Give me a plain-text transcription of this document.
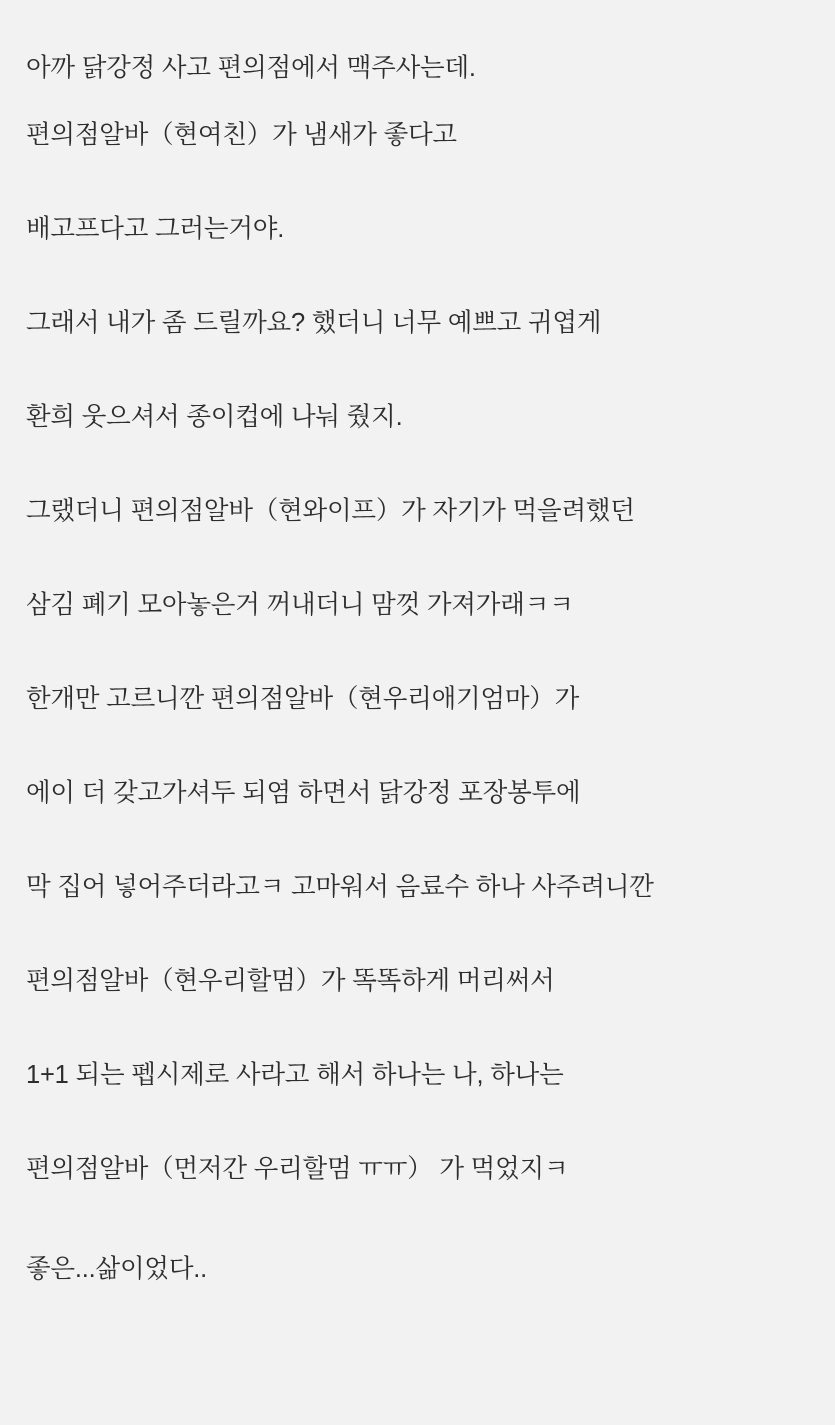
아까 닭강정 사고 편의점에서 맥주사는데.

편의점알바（현여친）가 냄새가 좋다고

배고프다고 그러는거야.

그래서 내가 좀 드릴까요? 했더니 너무 예쁘고 귀엽게

환희 웃으셔서 종이컵에 나눠 줬지.

그랬더니 편의점알바（현와이프）가 자기가 먹을려했던

삼김 폐기 모아놓은거 꺼내더니 맘껏 가져가래ㅋㅋ

한개만 고르니깐 편의점알바（현우리애기엄마）가

에이 더 갖고가셔두 되염 하면서 닭강정 포장봉투에

막 집어 넣어주더라고ㅋ 고마워서 음료수 하나 사주려니깐

편의점알바（현우리할멈）가 똑똑하게 머리써서

1+1 되는 펩시제로 사라고 해서 하나는 나, 하나는

편의점알바（먼저간 우리할멈 ㅠㅠ） 가 먹었지ㅋ

좋은...삶이었다..
